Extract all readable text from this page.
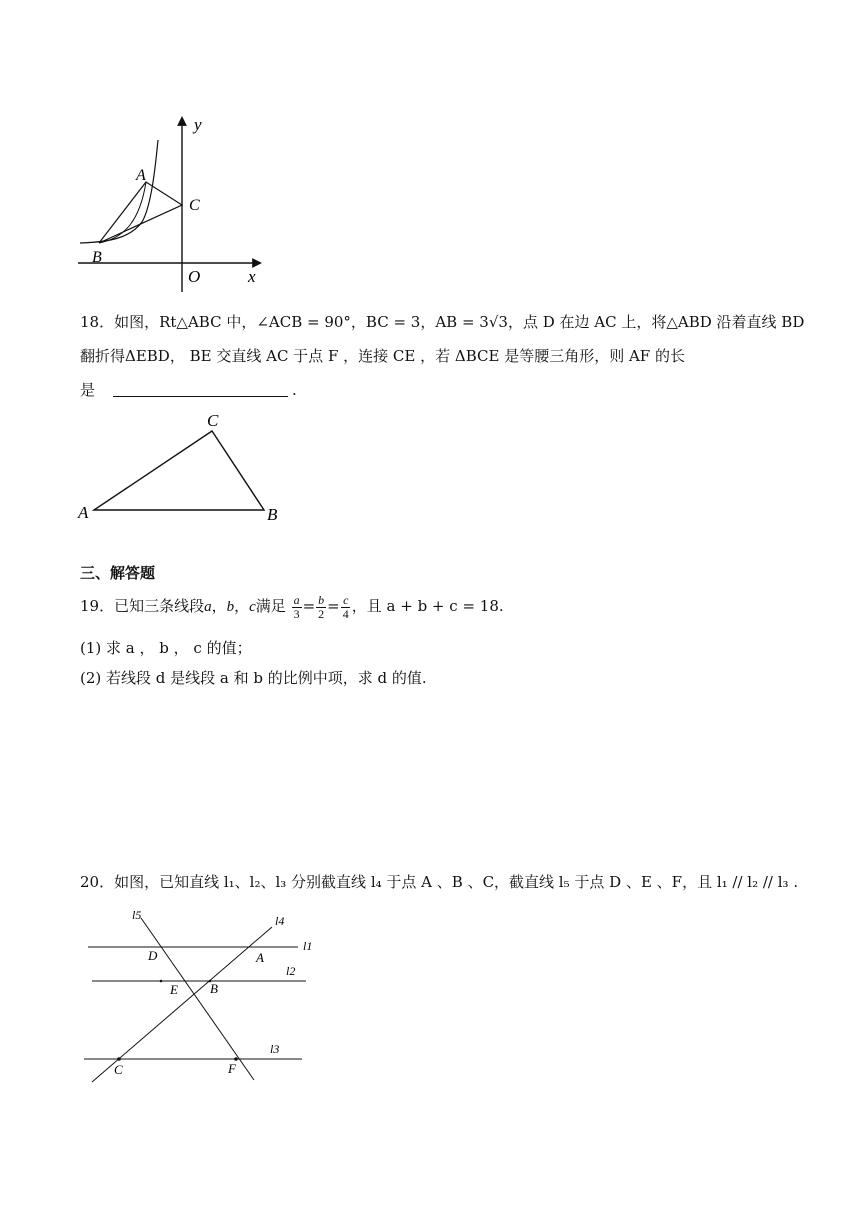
y
x
O
A
B
C
18．如图，Rt△ABC 中，∠ACB = 90°，BC = 3，AB = 3√3，点 D 在边 AC 上，将△ABD 沿着直线 BD
翻折得ΔEBD， BE 交直线 AC 于点 F ，连接 CE ，若 ΔBCE 是等腰三角形，则 AF 的长
是	.
C
A	B
三、解答题
19．已知三条线段a，b，c满足 $\frac{a}{3} = \frac{b}{2} = \frac{c}{4}$ ，且 a + b + c = 18.
(1) 求 a ， b ， c 的值；
(2) 若线段 d 是线段 a 和 b 的比例中项，求 d 的值.
20．如图，已知直线 l₁、l₂、l₃ 分别截直线 l₄ 于点 A 、B 、C，截直线 l₅ 于点 D 、E 、F，且 l₁ // l₂ // l₃ .
l5	l4
l1
l2
l3
D	A
E B
C	F
